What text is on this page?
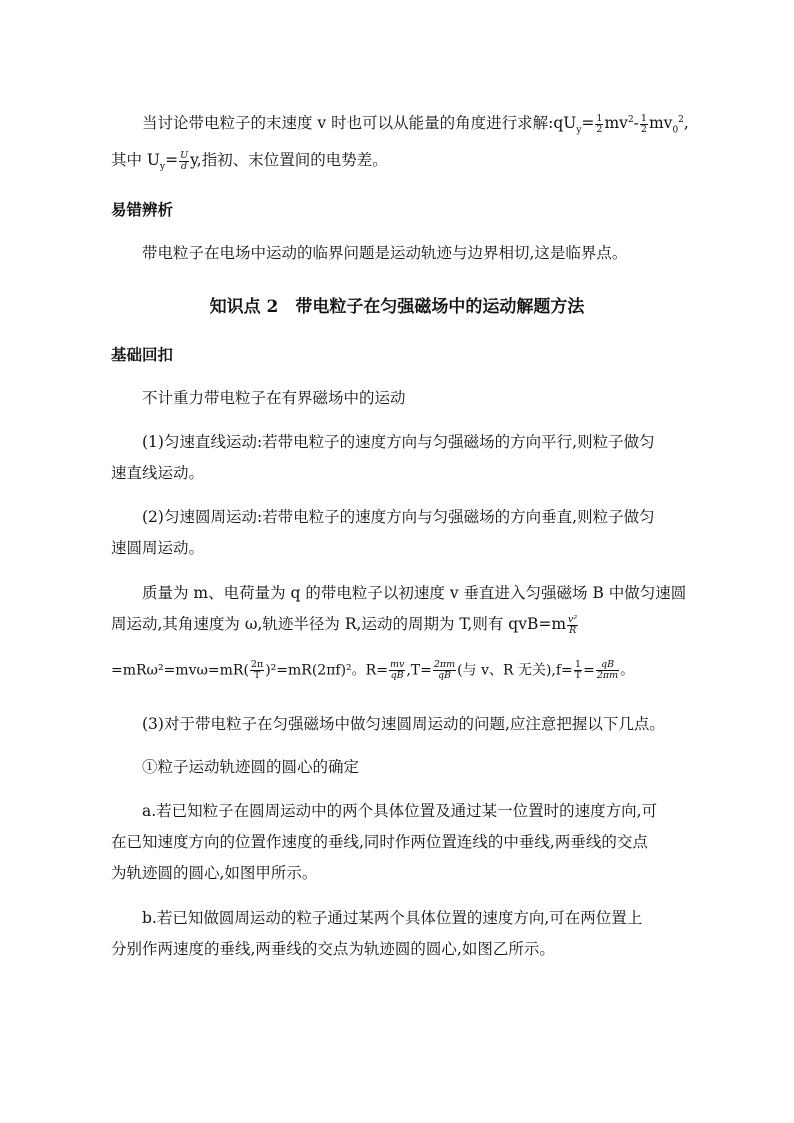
当讨论带电粒子的末速度 v 时也可以从能量的角度进行求解$:qU_y= \frac{1}{2} mv^2- \frac{1}{2} mv_0^2$,
其中 $U_y= \frac{U}{d} y$,指初、末位置间的电势差。
易错辨析
带电粒子在电场中运动的临界问题是运动轨迹与边界相切,这是临界点。
知识点 2　带电粒子在匀强磁场中的运动解题方法
基础回扣
不计重力带电粒子在有界磁场中的运动
(1)匀速直线运动:若带电粒子的速度方向与匀强磁场的方向平行,则粒子做匀
速直线运动。
(2)匀速圆周运动:若带电粒子的速度方向与匀强磁场的方向垂直,则粒子做匀
速圆周运动。
质量为 m、电荷量为 q 的带电粒子以初速度 v 垂直进入匀强磁场 B 中做匀速圆
周运动,其角速度为 ω,轨迹半径为 R,运动的周期为 T,则有 $qvB=m \frac{\text{v²}}{R}$
$=mR\omega^2=mv\omega=mR( \frac{2\pi}{T} )^2=mR(2\pi f)^2$。$R= \frac{mv}{qB} ,T= \frac{2\pi m}{qB}$ (与 v、R 无关)$,f= \frac{1}{T} = \frac{qB}{2\pi m}$ 。
(3)对于带电粒子在匀强磁场中做匀速圆周运动的问题,应注意把握以下几点。
①粒子运动轨迹圆的圆心的确定
a.若已知粒子在圆周运动中的两个具体位置及通过某一位置时的速度方向,可
在已知速度方向的位置作速度的垂线,同时作两位置连线的中垂线,两垂线的交点
为轨迹圆的圆心,如图甲所示。
b.若已知做圆周运动的粒子通过某两个具体位置的速度方向,可在两位置上
分别作两速度的垂线,两垂线的交点为轨迹圆的圆心,如图乙所示。
